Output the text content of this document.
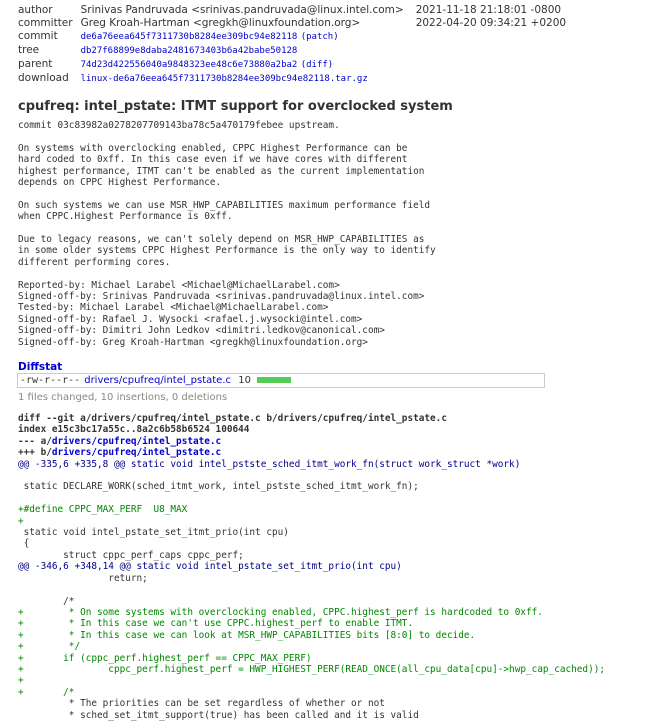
author	Srinivas Pandruvada <srinivas.pandruvada@linux.intel.com>	2021-11-18 21:18:01 -0800
committer	Greg Kroah-Hartman <gregkh@linuxfoundation.org>	2022-04-20 09:34:21 +0200
commit	de6a76eea645f7311730b8284ee309bc94e82118 (patch)	
tree	db27f68899e8daba2481673403b6a42babe50128	
parent	74d23d422556040a9848323ee48c6e73880a2ba2 (diff)	
download	linux-de6a76eea645f7311730b8284ee309bc94e82118.tar.gz	
cpufreq: intel_pstate: ITMT support for overclocked system
commit 03c83982a0278207709143ba78c5a470179febee upstream.
On systems with overclocking enabled, CPPC Highest Performance can be
hard coded to 0xff. In this case even if we have cores with different
highest performance, ITMT can't be enabled as the current implementation
depends on CPPC Highest Performance.
On such systems we can use MSR_HWP_CAPABILITIES maximum performance field
when CPPC.Highest Performance is 0xff.
Due to legacy reasons, we can't solely depend on MSR_HWP_CAPABILITIES as
in some older systems CPPC Highest Performance is the only way to identify
different performing cores.
Reported-by: Michael Larabel <Michael@MichaelLarabel.com>
Signed-off-by: Srinivas Pandruvada <srinivas.pandruvada@linux.intel.com>
Tested-by: Michael Larabel <Michael@MichaelLarabel.com>
Signed-off-by: Rafael J. Wysocki <rafael.j.wysocki@intel.com>
Signed-off-by: Dimitri John Ledkov <dimitri.ledkov@canonical.com>
Signed-off-by: Greg Kroah-Hartman <gregkh@linuxfoundation.org>
Diffstat
-rw-r--r--	drivers/cpufreq/intel_pstate.c	10	
1 files changed, 10 insertions, 0 deletions
diff --git a/drivers/cpufreq/intel_pstate.c b/drivers/cpufreq/intel_pstate.c
index e15c3bc17a55c..8a2c6b58b6524 100644
--- a/drivers/cpufreq/intel_pstate.c
+++ b/drivers/cpufreq/intel_pstate.c
@@ -335,6 +335,8 @@ static void intel_pstste_sched_itmt_work_fn(struct work_struct *work)

static DECLARE_WORK(sched_itmt_work, intel_pstste_sched_itmt_work_fn);

+#define CPPC_MAX_PERF  U8_MAX
+
static void intel_pstate_set_itmt_prio(int cpu)
{
struct cppc_perf_caps cppc_perf;
@@ -346,6 +348,14 @@ static void intel_pstate_set_itmt_prio(int cpu)
return;

/*
+        * On some systems with overclocking enabled, CPPC.highest_perf is hardcoded to 0xff.
+        * In this case we can't use CPPC.highest_perf to enable ITMT.
+        * In this case we can look at MSR_HWP_CAPABILITIES bits [8:0] to decide.
+        */
+       if (cppc_perf.highest_perf == CPPC_MAX_PERF)
+               cppc_perf.highest_perf = HWP_HIGHEST_PERF(READ_ONCE(all_cpu_data[cpu]->hwp_cap_cached));
+
+       /*
* The priorities can be set regardless of whether or not
* sched_set_itmt_support(true) has been called and it is valid
